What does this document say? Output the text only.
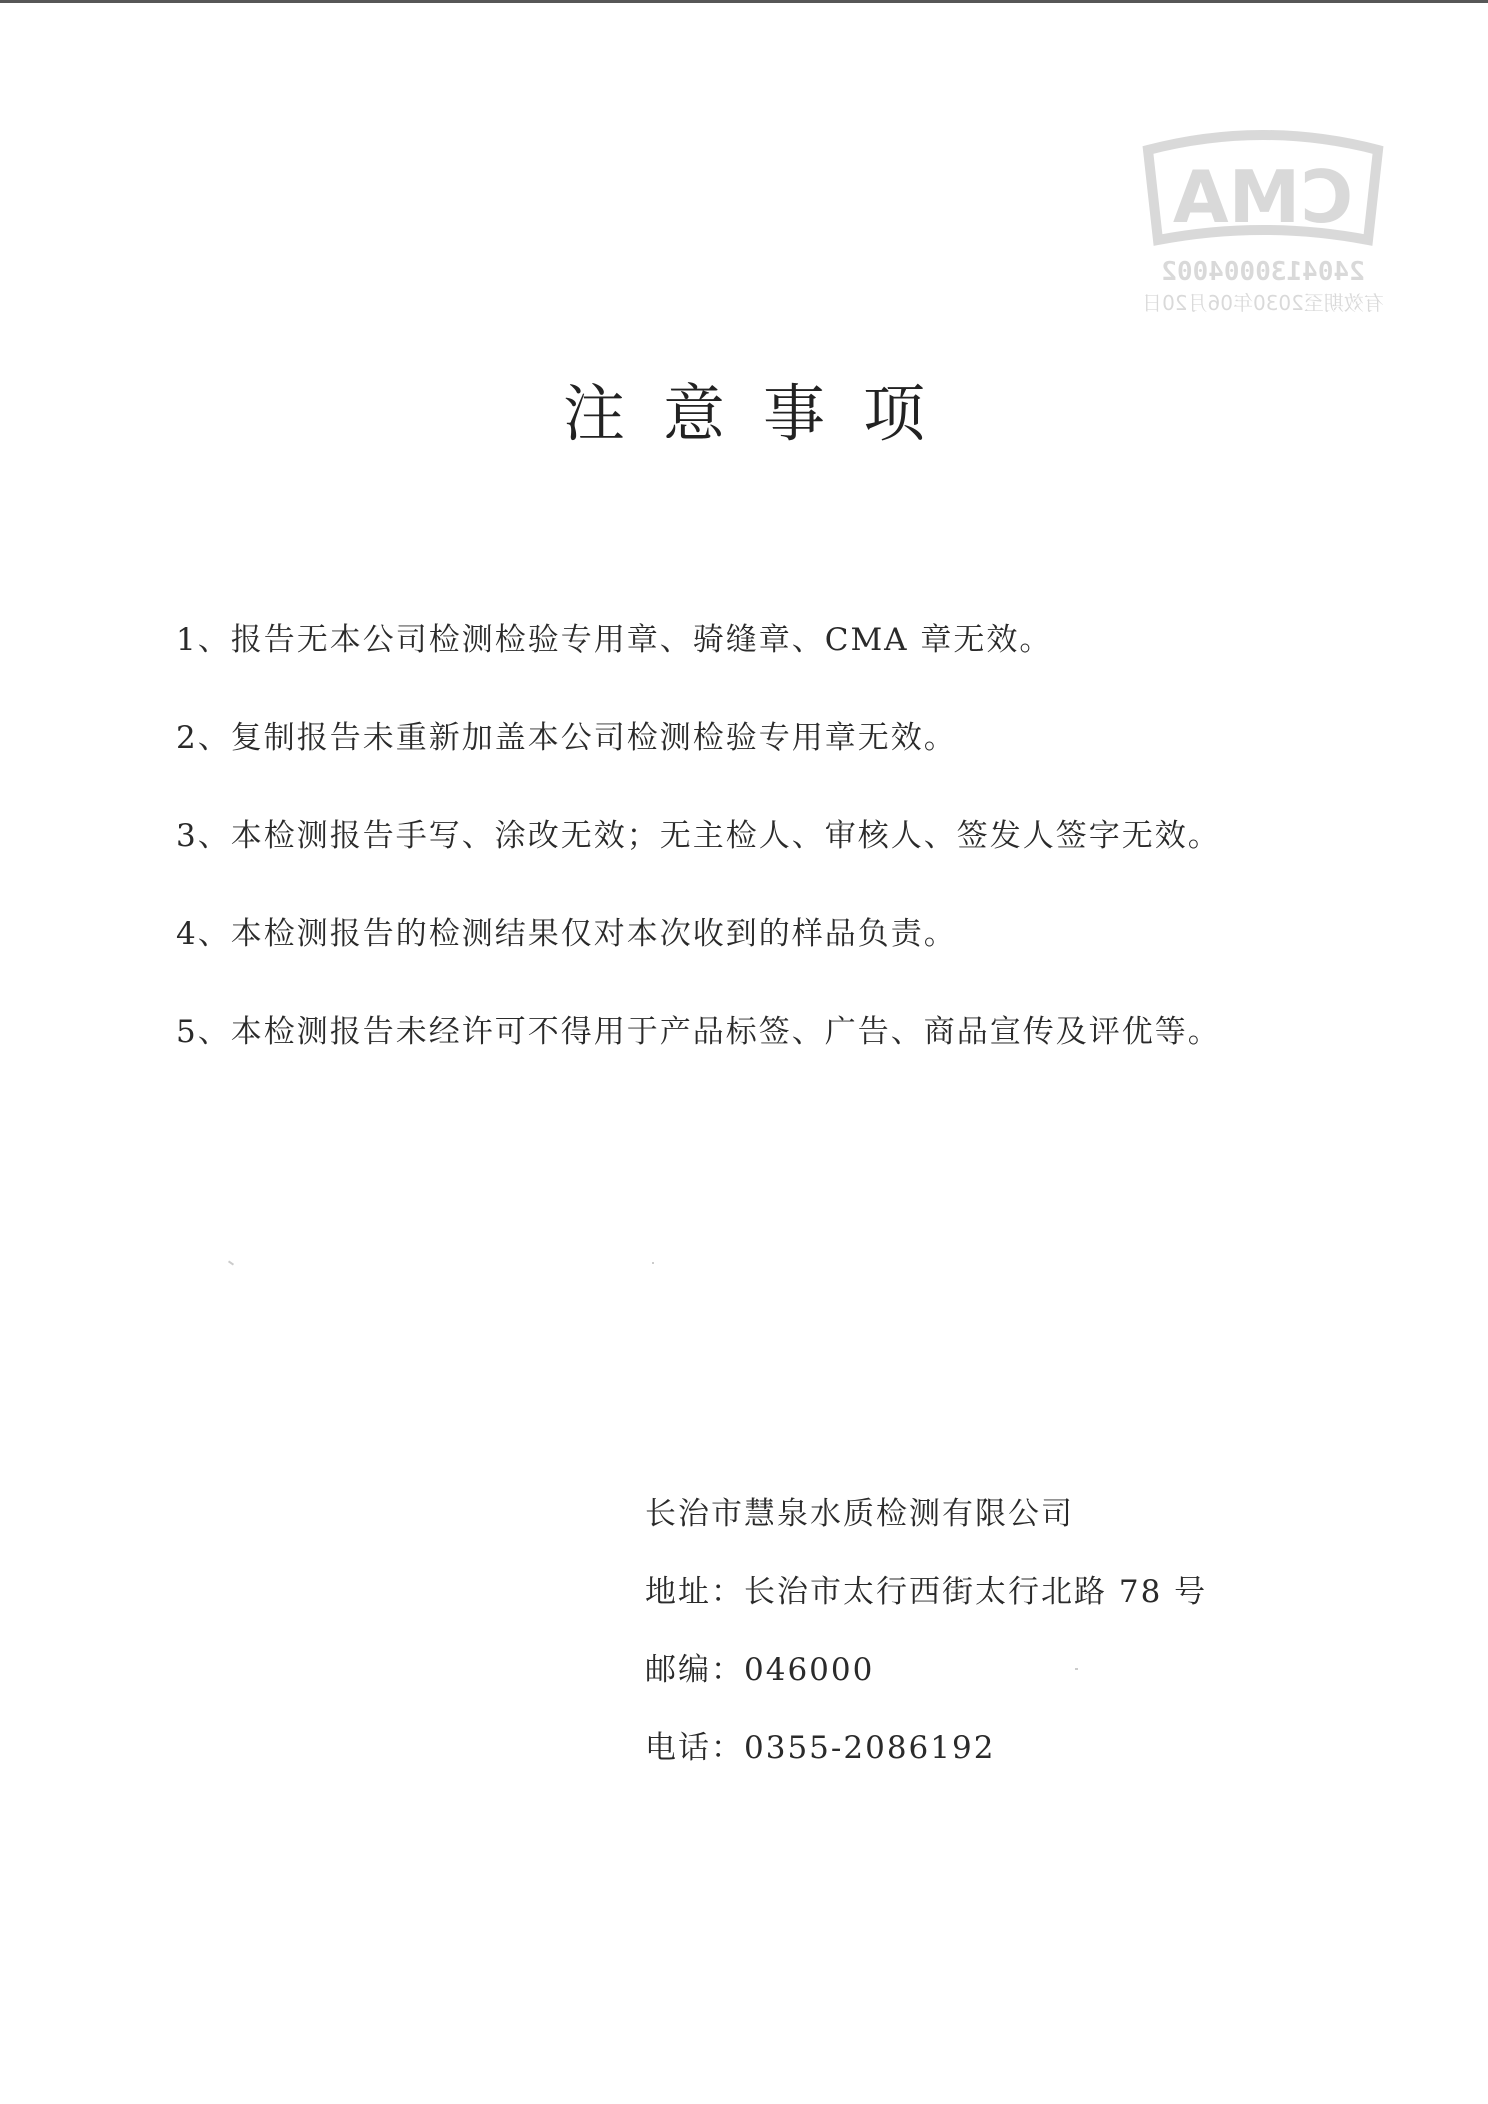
CMA
2404130004002
有效期至2030年06月20日
注意事项
1、报告无本公司检测检验专用章、骑缝章、CMA 章无效。
2、复制报告未重新加盖本公司检测检验专用章无效。
3、本检测报告手写、涂改无效；无主检人、审核人、签发人签字无效。
4、本检测报告的检测结果仅对本次收到的样品负责。
5、本检测报告未经许可不得用于产品标签、广告、商品宣传及评优等。
长治市慧泉水质检测有限公司
地址：长治市太行西街太行北路 78 号
邮编：046000
电话：0355-2086192
